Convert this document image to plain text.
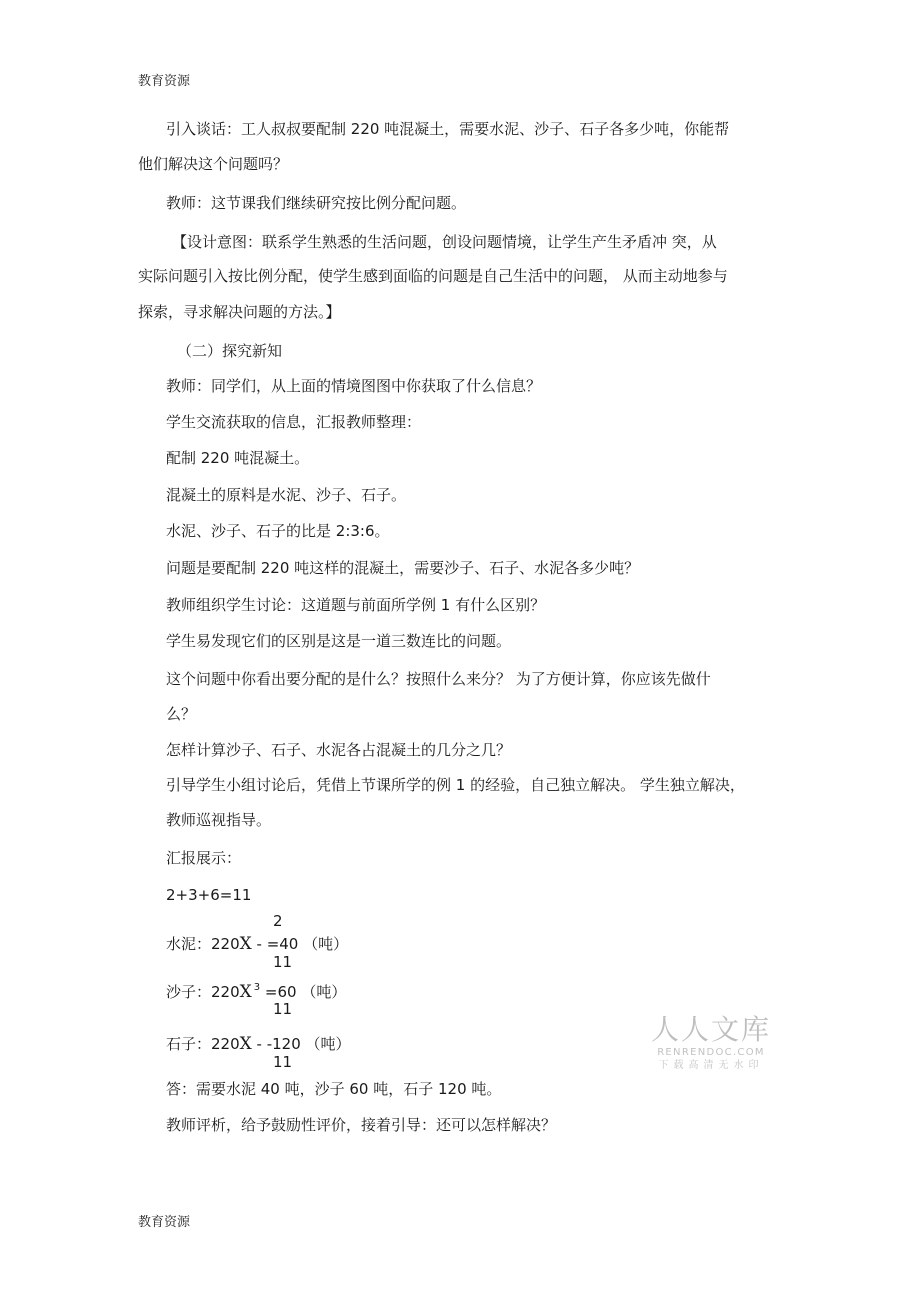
教育资源
引入谈话：工人叔叔要配制 220 吨混凝土，需要水泥、沙子、石子各多少吨，你能帮
他们解决这个问题吗？
教师：这节课我们继续研究按比例分配问题。
【设计意图：联系学生熟悉的生活问题，创设问题情境，让学生产生矛盾冲 突，从
实际问题引入按比例分配，使学生感到面临的问题是自己生活中的问题， 从而主动地参与
探索，寻求解决问题的方法。】
（二）探究新知
教师：同学们，从上面的情境图图中你获取了什么信息？
学生交流获取的信息，汇报教师整理：
配制 220 吨混凝土。
混凝土的原料是水泥、沙子、石子。
水泥、沙子、石子的比是 2:3:6。
问题是要配制 220 吨这样的混凝土，需要沙子、石子、水泥各多少吨？
教师组织学生讨论：这道题与前面所学例 1 有什么区别？
学生易发现它们的区别是这是一道三数连比的问题。
这个问题中你看出要分配的是什么？按照什么来分？ 为了方便计算，你应该先做什
么？
怎样计算沙子、石子、水泥各占混凝土的几分之几？
引导学生小组讨论后，凭借上节课所学的例 1 的经验，自己独立解决。 学生独立解决，
教师巡视指导。
汇报展示：
2+3+6=11
2
水泥：220X - =40 （吨）
11
沙子：220X $^3$ =60 （吨）
11
石子：220X - -120 （吨）
11
答：需要水泥 40 吨，沙子 60 吨，石子 120 吨。
教师评析，给予鼓励性评价，接着引导：还可以怎样解决？
人人文库
RENRENDOC.COM
下载高清无水印
教育资源
